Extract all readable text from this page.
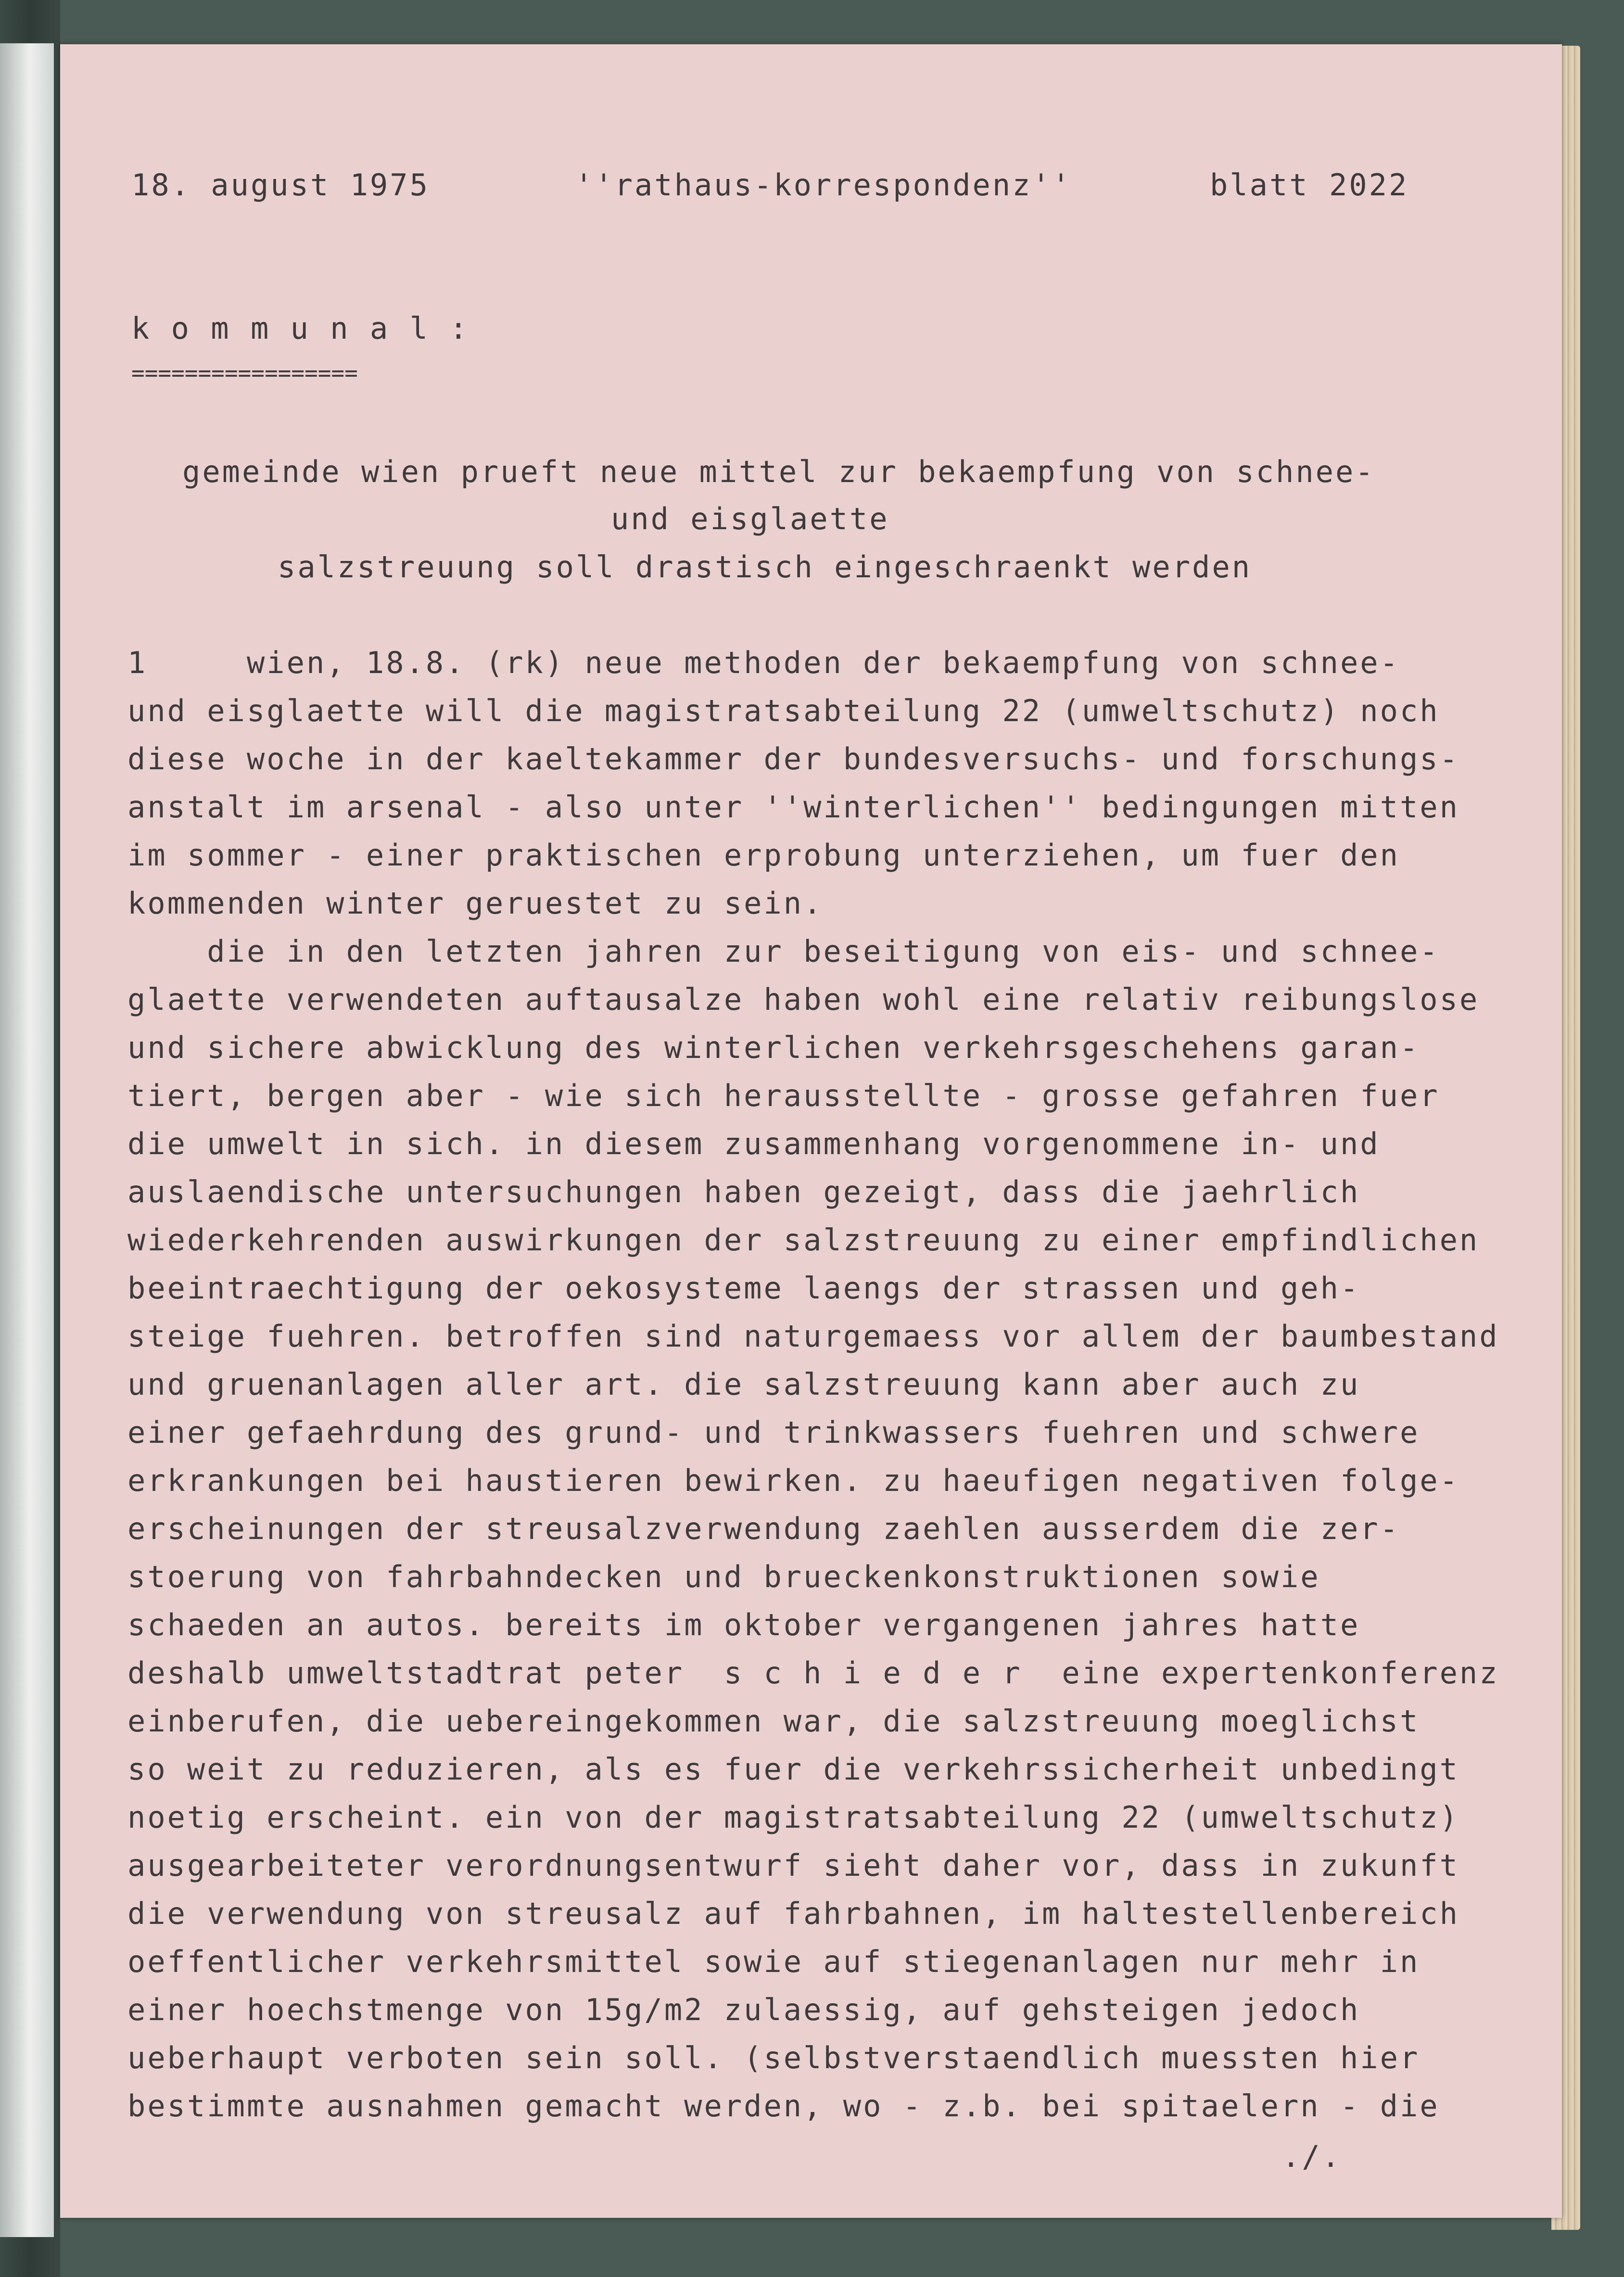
18. august 1975	''rathaus-korrespondenz''	blatt 2022
k o m m u n a l :
=================
gemeinde wien prueft neue mittel zur bekaempfung von schnee-
und eisglaette
salzstreuung soll drastisch eingeschraenkt werden
1     wien, 18.8. (rk) neue methoden der bekaempfung von schnee-
und eisglaette will die magistratsabteilung 22 (umweltschutz) noch
diese woche in der kaeltekammer der bundesversuchs- und forschungs-
anstalt im arsenal - also unter ''winterlichen'' bedingungen mitten
im sommer - einer praktischen erprobung unterziehen, um fuer den
kommenden winter geruestet zu sein.
die in den letzten jahren zur beseitigung von eis- und schnee-
glaette verwendeten auftausalze haben wohl eine relativ reibungslose
und sichere abwicklung des winterlichen verkehrsgeschehens garan-
tiert, bergen aber - wie sich herausstellte - grosse gefahren fuer
die umwelt in sich. in diesem zusammenhang vorgenommene in- und
auslaendische untersuchungen haben gezeigt, dass die jaehrlich
wiederkehrenden auswirkungen der salzstreuung zu einer empfindlichen
beeintraechtigung der oekosysteme laengs der strassen und geh-
steige fuehren. betroffen sind naturgemaess vor allem der baumbestand
und gruenanlagen aller art. die salzstreuung kann aber auch zu
einer gefaehrdung des grund- und trinkwassers fuehren und schwere
erkrankungen bei haustieren bewirken. zu haeufigen negativen folge-
erscheinungen der streusalzverwendung zaehlen ausserdem die zer-
stoerung von fahrbahndecken und brueckenkonstruktionen sowie
schaeden an autos. bereits im oktober vergangenen jahres hatte
deshalb umweltstadtrat peter  s c h i e d e r  eine expertenkonferenz
einberufen, die uebereingekommen war, die salzstreuung moeglichst
so weit zu reduzieren, als es fuer die verkehrssicherheit unbedingt
noetig erscheint. ein von der magistratsabteilung 22 (umweltschutz)
ausgearbeiteter verordnungsentwurf sieht daher vor, dass in zukunft
die verwendung von streusalz auf fahrbahnen, im haltestellenbereich
oeffentlicher verkehrsmittel sowie auf stiegenanlagen nur mehr in
einer hoechstmenge von 15g/m2 zulaessig, auf gehsteigen jedoch
ueberhaupt verboten sein soll. (selbstverstaendlich muessten hier
bestimmte ausnahmen gemacht werden, wo - z.b. bei spitaelern - die
./.
